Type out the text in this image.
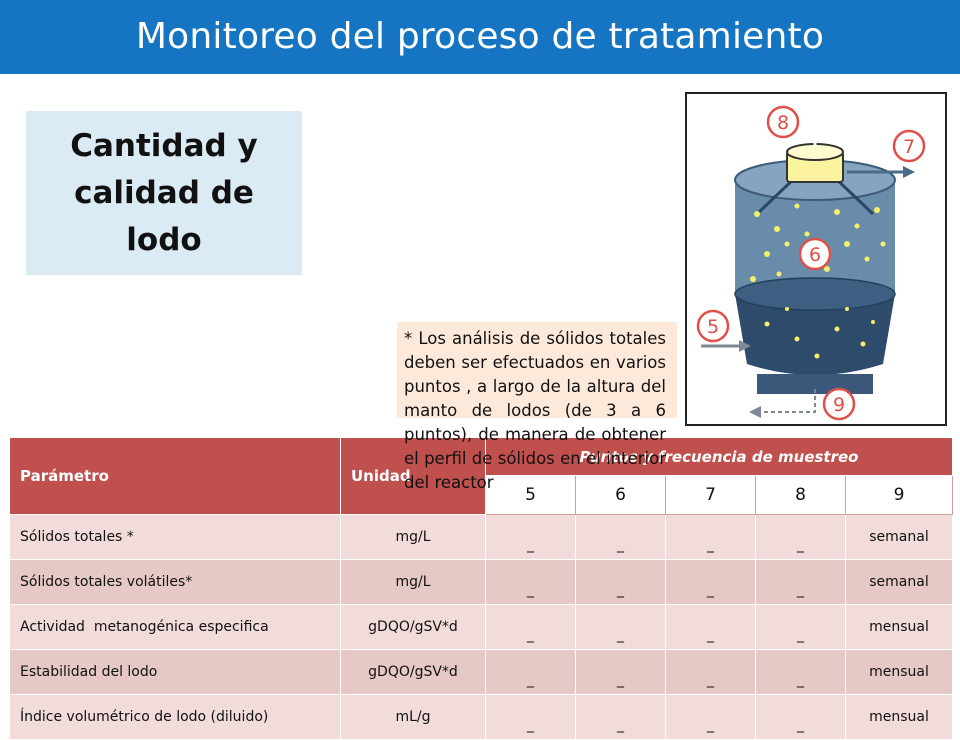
Monitoreo del proceso de tratamiento
Cantidad y calidad de lodo
* Los análisis de sólidos totales deben ser efectuados en varios puntos , a largo de la altura del manto de lodos (de 3 a 6 puntos), de manera de obtener el perfil de sólidos en el interior del reactor
8
7
6
5
9
Parámetro	Unidad	Puntos y frecuencia de muestreo				
		5	6	7	8	9
Sólidos totales *	mg/L	_	_	_	_	semanal
Sólidos totales volátiles*	mg/L	_	_	_	_	semanal
Actividad  metanogénica especifica	gDQO/gSV*d	_	_	_	_	mensual
Estabilidad del lodo	gDQO/gSV*d	_	_	_	_	mensual
Índice volumétrico de lodo (diluido)	mL/g	_	_	_	_	mensual
